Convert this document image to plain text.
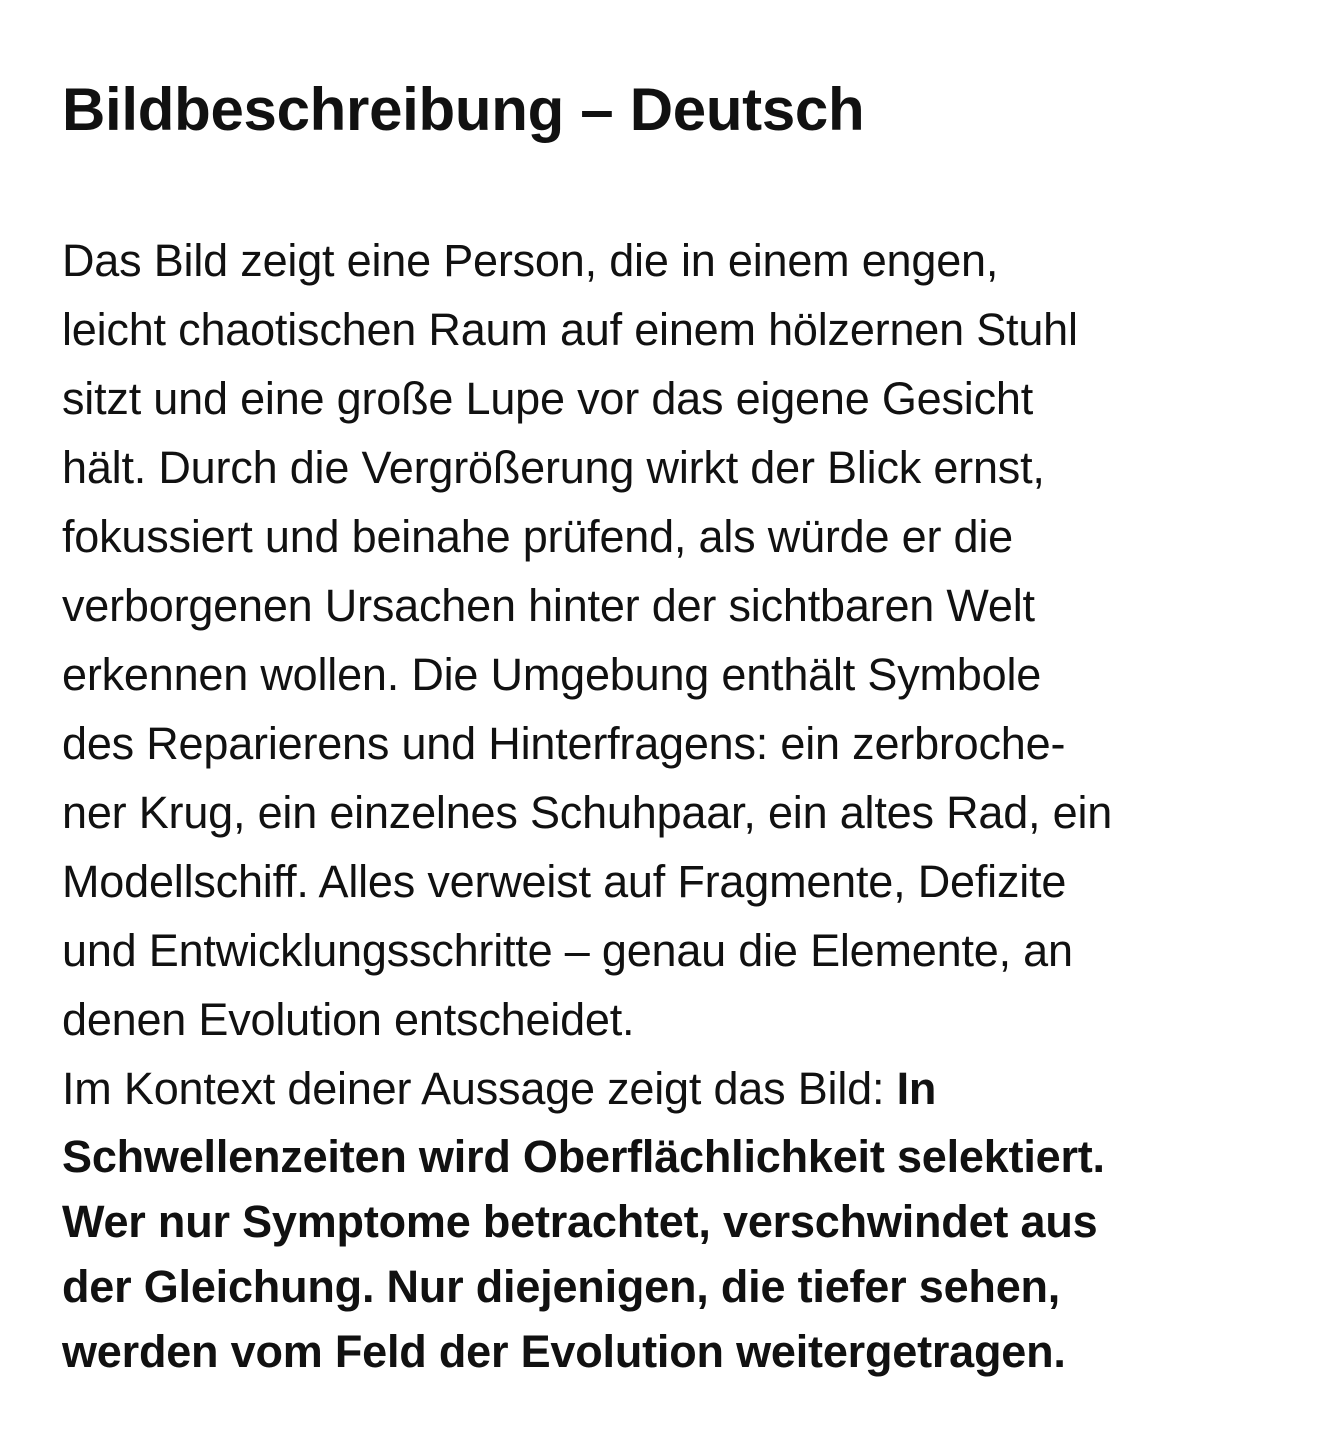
Bildbeschreibung – Deutsch
Das Bild zeigt eine Person, die in einem engen,
leicht chaotischen Raum auf einem hölzernen Stuhl
sitzt und eine große Lupe vor das eigene Gesicht
hält. Durch die Vergrößerung wirkt der Blick ernst,
fokussiert und beinahe prüfend, als würde er die
verborgenen Ursachen hinter der sichtbaren Welt
erkennen wollen. Die Umgebung enthält Symbole
des Reparierens und Hinterfragens: ein zerbroche-
ner Krug, ein einzelnes Schuhpaar, ein altes Rad, ein
Modellschiff. Alles verweist auf Fragmente, Defizite
und Entwicklungsschritte – genau die Elemente, an
denen Evolution entscheidet.
Im Kontext deiner Aussage zeigt das Bild: In
Schwellenzeiten wird Oberflächlichkeit selektiert.
Wer nur Symptome betrachtet, verschwindet aus
der Gleichung. Nur diejenigen, die tiefer sehen,
werden vom Feld der Evolution weitergetragen.
